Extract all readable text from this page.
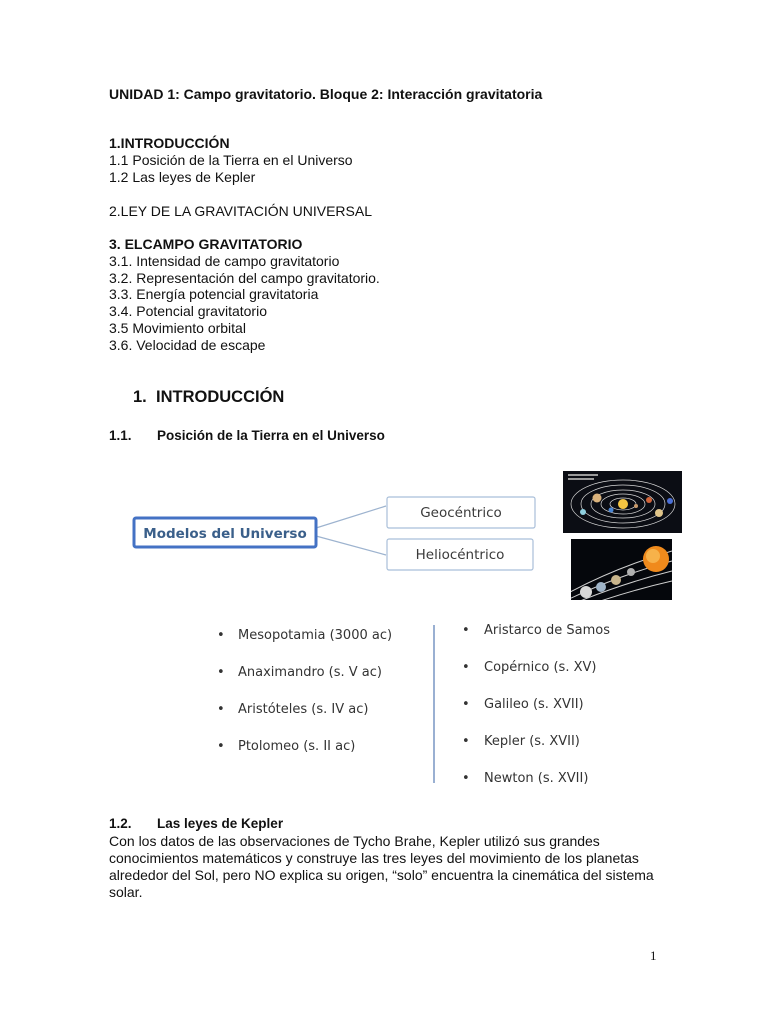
UNIDAD 1: Campo gravitatorio. Bloque 2: Interacción gravitatoria
1.INTRODUCCIÓN
1.1 Posición de la Tierra en el Universo
1.2 Las leyes de Kepler
2.LEY DE LA GRAVITACIÓN UNIVERSAL
3. ELCAMPO GRAVITATORIO
3.1. Intensidad de campo gravitatorio
3.2. Representación del campo gravitatorio.
3.3. Energía potencial gravitatoria
3.4. Potencial gravitatorio
3.5 Movimiento orbital
3.6. Velocidad de escape
1. INTRODUCCIÓN
1.1. Posición de la Tierra en el Universo
Modelos del Universo
Geocéntrico
Heliocéntrico
• Mesopotamia (3000 ac)
• Anaximandro (s. V ac)
• Aristóteles (s. IV ac)
• Ptolomeo (s. II ac)
• Aristarco de Samos
• Copérnico (s. XV)
• Galileo (s. XVII)
• Kepler (s. XVII)
• Newton (s. XVII)
1.2. Las leyes de Kepler
Con los datos de las observaciones de Tycho Brahe, Kepler utilizó sus grandes conocimientos matemáticos y construye las tres leyes del movimiento de los planetas alrededor del Sol, pero NO explica su origen, “solo” encuentra la cinemática del sistema solar.
1
